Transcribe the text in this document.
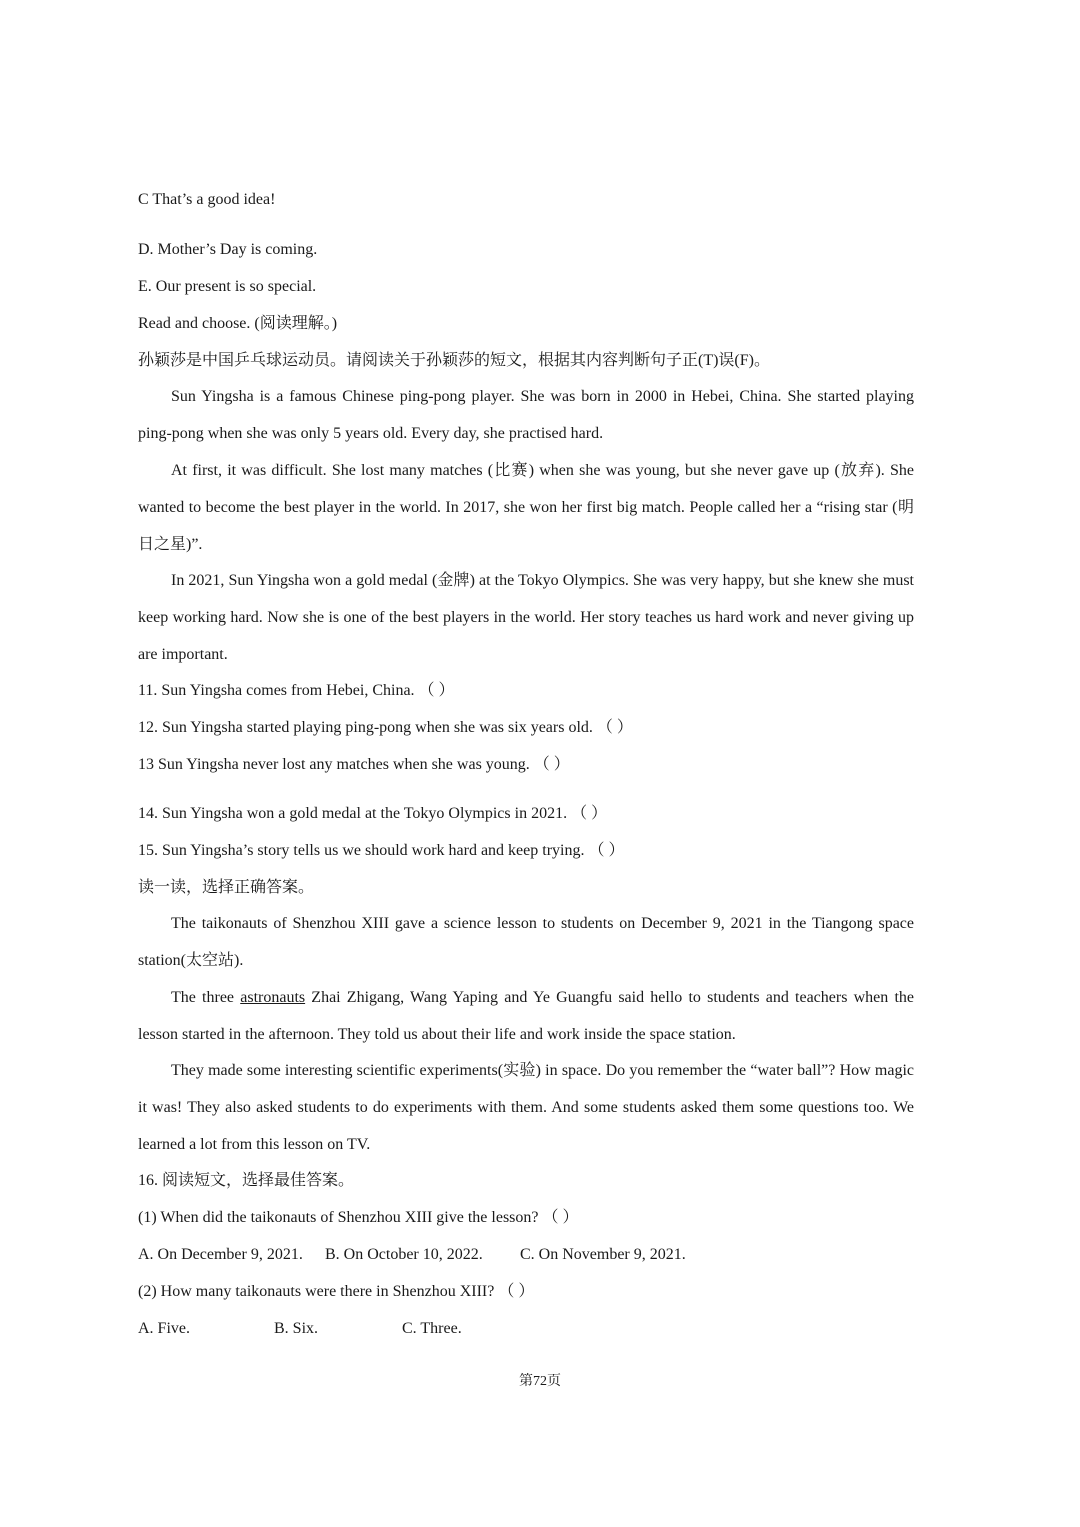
C That’s a good idea!
D. Mother’s Day is coming.
E. Our present is so special.
Read and choose. (阅读理解。)
孙颖莎是中国乒乓球运动员。请阅读关于孙颖莎的短文，根据其内容判断句子正(T)误(F)。
Sun Yingsha is a famous Chinese ping-pong player. She was born in 2000 in Hebei, China. She started playing ping-pong when she was only 5 years old. Every day, she practised hard.
At first, it was difficult. She lost many matches (比赛) when she was young, but she never gave up (放弃). She wanted to become the best player in the world. In 2017, she won her first big match. People called her a “rising star (明日之星)”.
In 2021, Sun Yingsha won a gold medal (金牌) at the Tokyo Olympics. She was very happy, but she knew she must keep working hard. Now she is one of the best players in the world. Her story teaches us hard work and never giving up are important.
11. Sun Yingsha comes from Hebei, China. （ ）
12. Sun Yingsha started playing ping-pong when she was six years old. （ ）
13 Sun Yingsha never lost any matches when she was young. （ ）
14. Sun Yingsha won a gold medal at the Tokyo Olympics in 2021. （ ）
15. Sun Yingsha’s story tells us we should work hard and keep trying. （ ）
读一读，选择正确答案。
The taikonauts of Shenzhou XIII gave a science lesson to students on December 9, 2021 in the Tiangong space station(太空站).
The three astronauts Zhai Zhigang, Wang Yaping and Ye Guangfu said hello to students and teachers when the lesson started in the afternoon. They told us about their life and work inside the space station.
They made some interesting scientific experiments(实验) in space. Do you remember the “water ball”? How magic it was! They also asked students to do experiments with them. And some students asked them some questions too. We learned a lot from this lesson on TV.
16. 阅读短文，选择最佳答案。
(1) When did the taikonauts of Shenzhou XIII give the lesson? （ ）
A. On December 9, 2021. B. On October 10, 2022. C. On November 9, 2021.
(2) How many taikonauts were there in Shenzhou XIII? （ ）
A. Five.	B. Six.	C. Three.
第72页
